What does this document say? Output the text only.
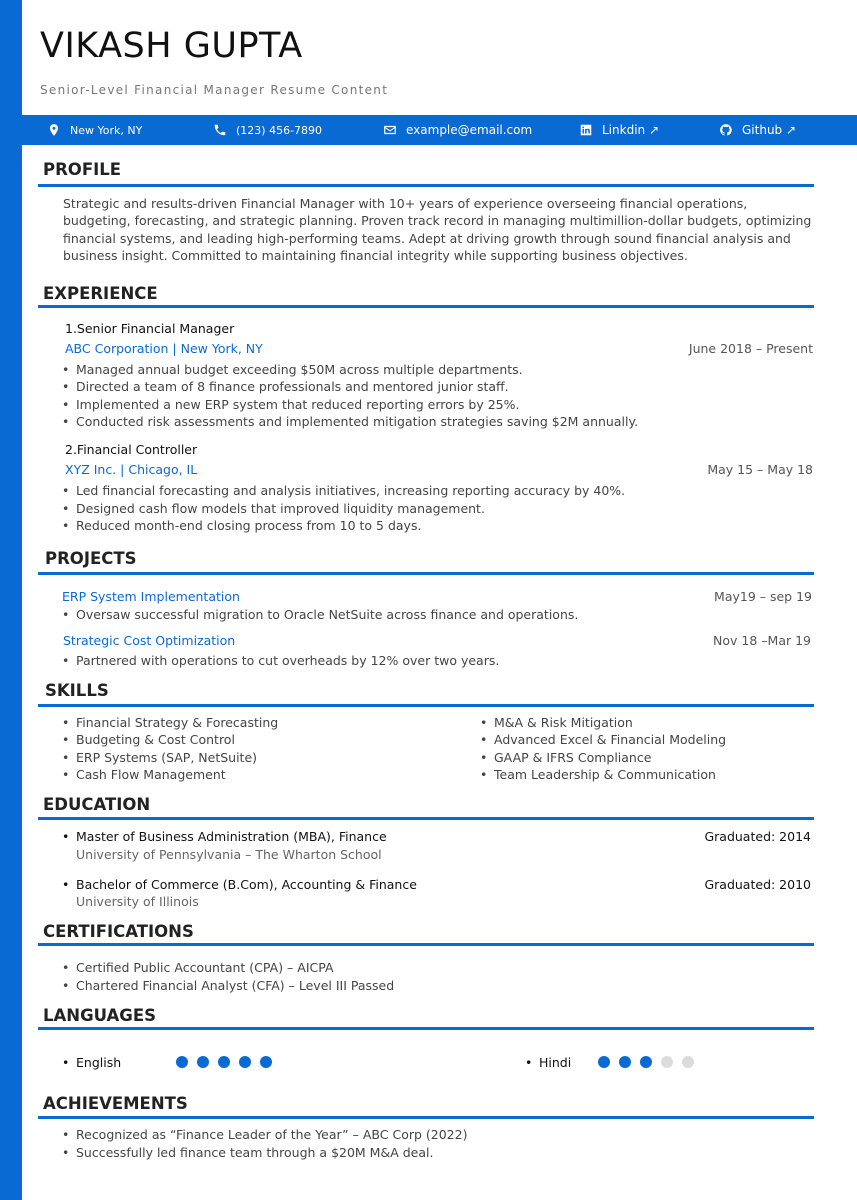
VIKASH GUPTA
Senior-Level Financial Manager Resume Content
New York, NY	(123) 456-7890	example@email.com	Linkdin ↗	Github ↗
PROFILE
Strategic and results-driven Financial Manager with 10+ years of experience overseeing financial operations, budgeting, forecasting, and strategic planning. Proven track record in managing multimillion-dollar budgets, optimizing financial systems, and leading high-performing teams. Adept at driving growth through sound financial analysis and business insight. Committed to maintaining financial integrity while supporting business objectives.
EXPERIENCE
1.Senior Financial Manager
ABC Corporation | New York, NY	June 2018 – Present
• Managed annual budget exceeding $50M across multiple departments.
• Directed a team of 8 finance professionals and mentored junior staff.
• Implemented a new ERP system that reduced reporting errors by 25%.
• Conducted risk assessments and implemented mitigation strategies saving $2M annually.
2.Financial Controller
XYZ Inc. | Chicago, IL	May 15 – May 18
• Led financial forecasting and analysis initiatives, increasing reporting accuracy by 40%.
• Designed cash flow models that improved liquidity management.
• Reduced month-end closing process from 10 to 5 days.
PROJECTS
ERP System Implementation	May19 – sep 19
• Oversaw successful migration to Oracle NetSuite across finance and operations.
Strategic Cost Optimization	Nov 18 –Mar 19
• Partnered with operations to cut overheads by 12% over two years.
SKILLS
• Financial Strategy & Forecasting
• Budgeting & Cost Control
• ERP Systems (SAP, NetSuite)
• Cash Flow Management
• M&A & Risk Mitigation
• Advanced Excel & Financial Modeling
• GAAP & IFRS Compliance
• Team Leadership & Communication
EDUCATION
• Master of Business Administration (MBA), Finance	Graduated: 2014
University of Pennsylvania – The Wharton School
• Bachelor of Commerce (B.Com), Accounting & Finance	Graduated: 2010
University of Illinois
CERTIFICATIONS
• Certified Public Accountant (CPA) – AICPA
• Chartered Financial Analyst (CFA) – Level III Passed
LANGUAGES
• English
•	Hindi
ACHIEVEMENTS
• Recognized as “Finance Leader of the Year” – ABC Corp (2022)
• Successfully led finance team through a $20M M&A deal.
